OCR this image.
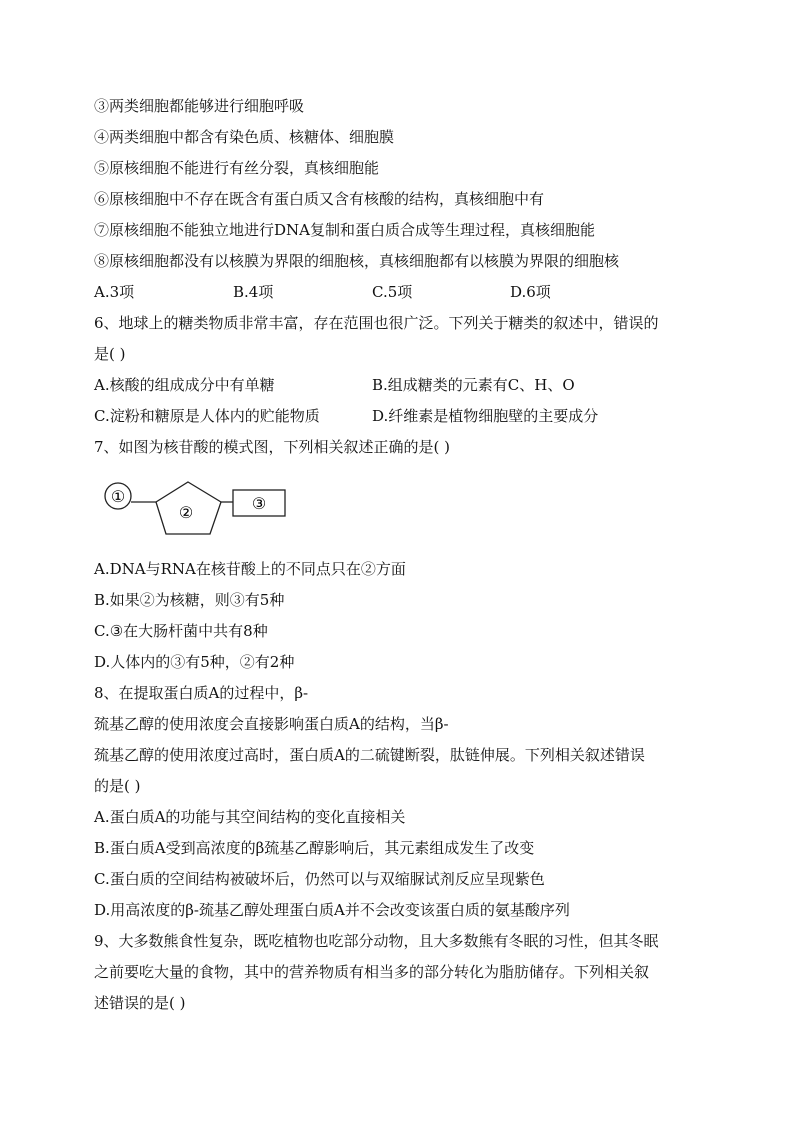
③两类细胞都能够进行细胞呼吸
④两类细胞中都含有染色质、核糖体、细胞膜
⑤原核细胞不能进行有丝分裂，真核细胞能
⑥原核细胞中不存在既含有蛋白质又含有核酸的结构，真核细胞中有
⑦原核细胞不能独立地进行DNA复制和蛋白质合成等生理过程，真核细胞能
⑧原核细胞都没有以核膜为界限的细胞核，真核细胞都有以核膜为界限的细胞核
A.3项	B.4项	C.5项	D.6项
6、地球上的糖类物质非常丰富，存在范围也很广泛。下列关于糖类的叙述中，错误的
是( )
A.核酸的组成成分中有单糖	B.组成糖类的元素有C、H、O
C.淀粉和糖原是人体内的贮能物质	D.纤维素是植物细胞壁的主要成分
7、如图为核苷酸的模式图，下列相关叙述正确的是( )
①
②	③
A.DNA与RNA在核苷酸上的不同点只在②方面
B.如果②为核糖，则③有5种
C.③在大肠杆菌中共有8种
D.人体内的③有5种，②有2种
8、在提取蛋白质A的过程中，β-
巯基乙醇的使用浓度会直接影响蛋白质A的结构，当β-
巯基乙醇的使用浓度过高时，蛋白质A的二硫键断裂，肽链伸展。下列相关叙述错误
的是( )
A.蛋白质A的功能与其空间结构的变化直接相关
B.蛋白质A受到高浓度的β巯基乙醇影响后，其元素组成发生了改变
C.蛋白质的空间结构被破坏后，仍然可以与双缩脲试剂反应呈现紫色
D.用高浓度的β-巯基乙醇处理蛋白质A并不会改变该蛋白质的氨基酸序列
9、大多数熊食性复杂，既吃植物也吃部分动物，且大多数熊有冬眠的习性，但其冬眠
之前要吃大量的食物，其中的营养物质有相当多的部分转化为脂肪储存。下列相关叙
述错误的是( )
